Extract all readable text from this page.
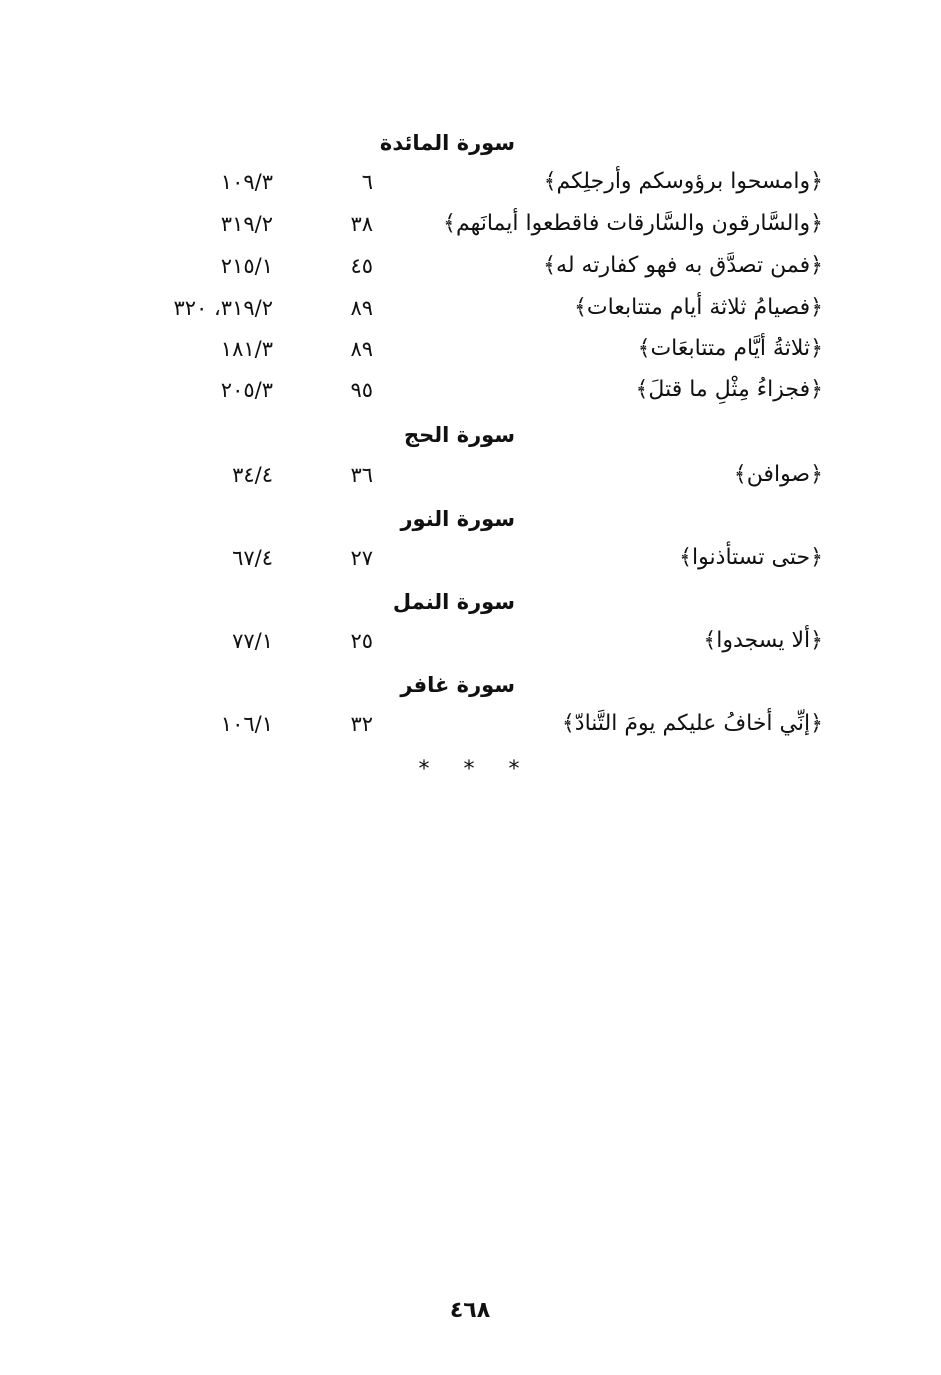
سورة المائدة
﴿وامسحوا برؤوسكم وأرجلِكم﴾
٦
١٠٩/٣
﴿والسَّارقون والسَّارقات فاقطعوا أيمانَهم﴾
٣٨
٣١٩/٢
﴿فمن تصدَّق به فهو كفارته له﴾
٤٥
٢١٥/١
﴿فصيامُ ثلاثة أيام متتابعات﴾
٨٩
٣١٩/٢، ٣٢٠
﴿ثلاثةُ أيَّام متتابعَات﴾
٨٩
١٨١/٣
﴿فجزاءُ مِثْلِ ما قتلَ﴾
٩٥
٢٠٥/٣
سورة الحج
﴿صوافن﴾
٣٦
٣٤/٤
سورة النور
﴿حتى تستأذنوا﴾
٢٧
٦٧/٤
سورة النمل
﴿ألا يسجدوا﴾
٢٥
٧٧/١
سورة غافر
﴿إنِّي أخافُ عليكم يومَ التَّنادّ﴾
٣٢
١٠٦/١
* * *
٤٦٨
